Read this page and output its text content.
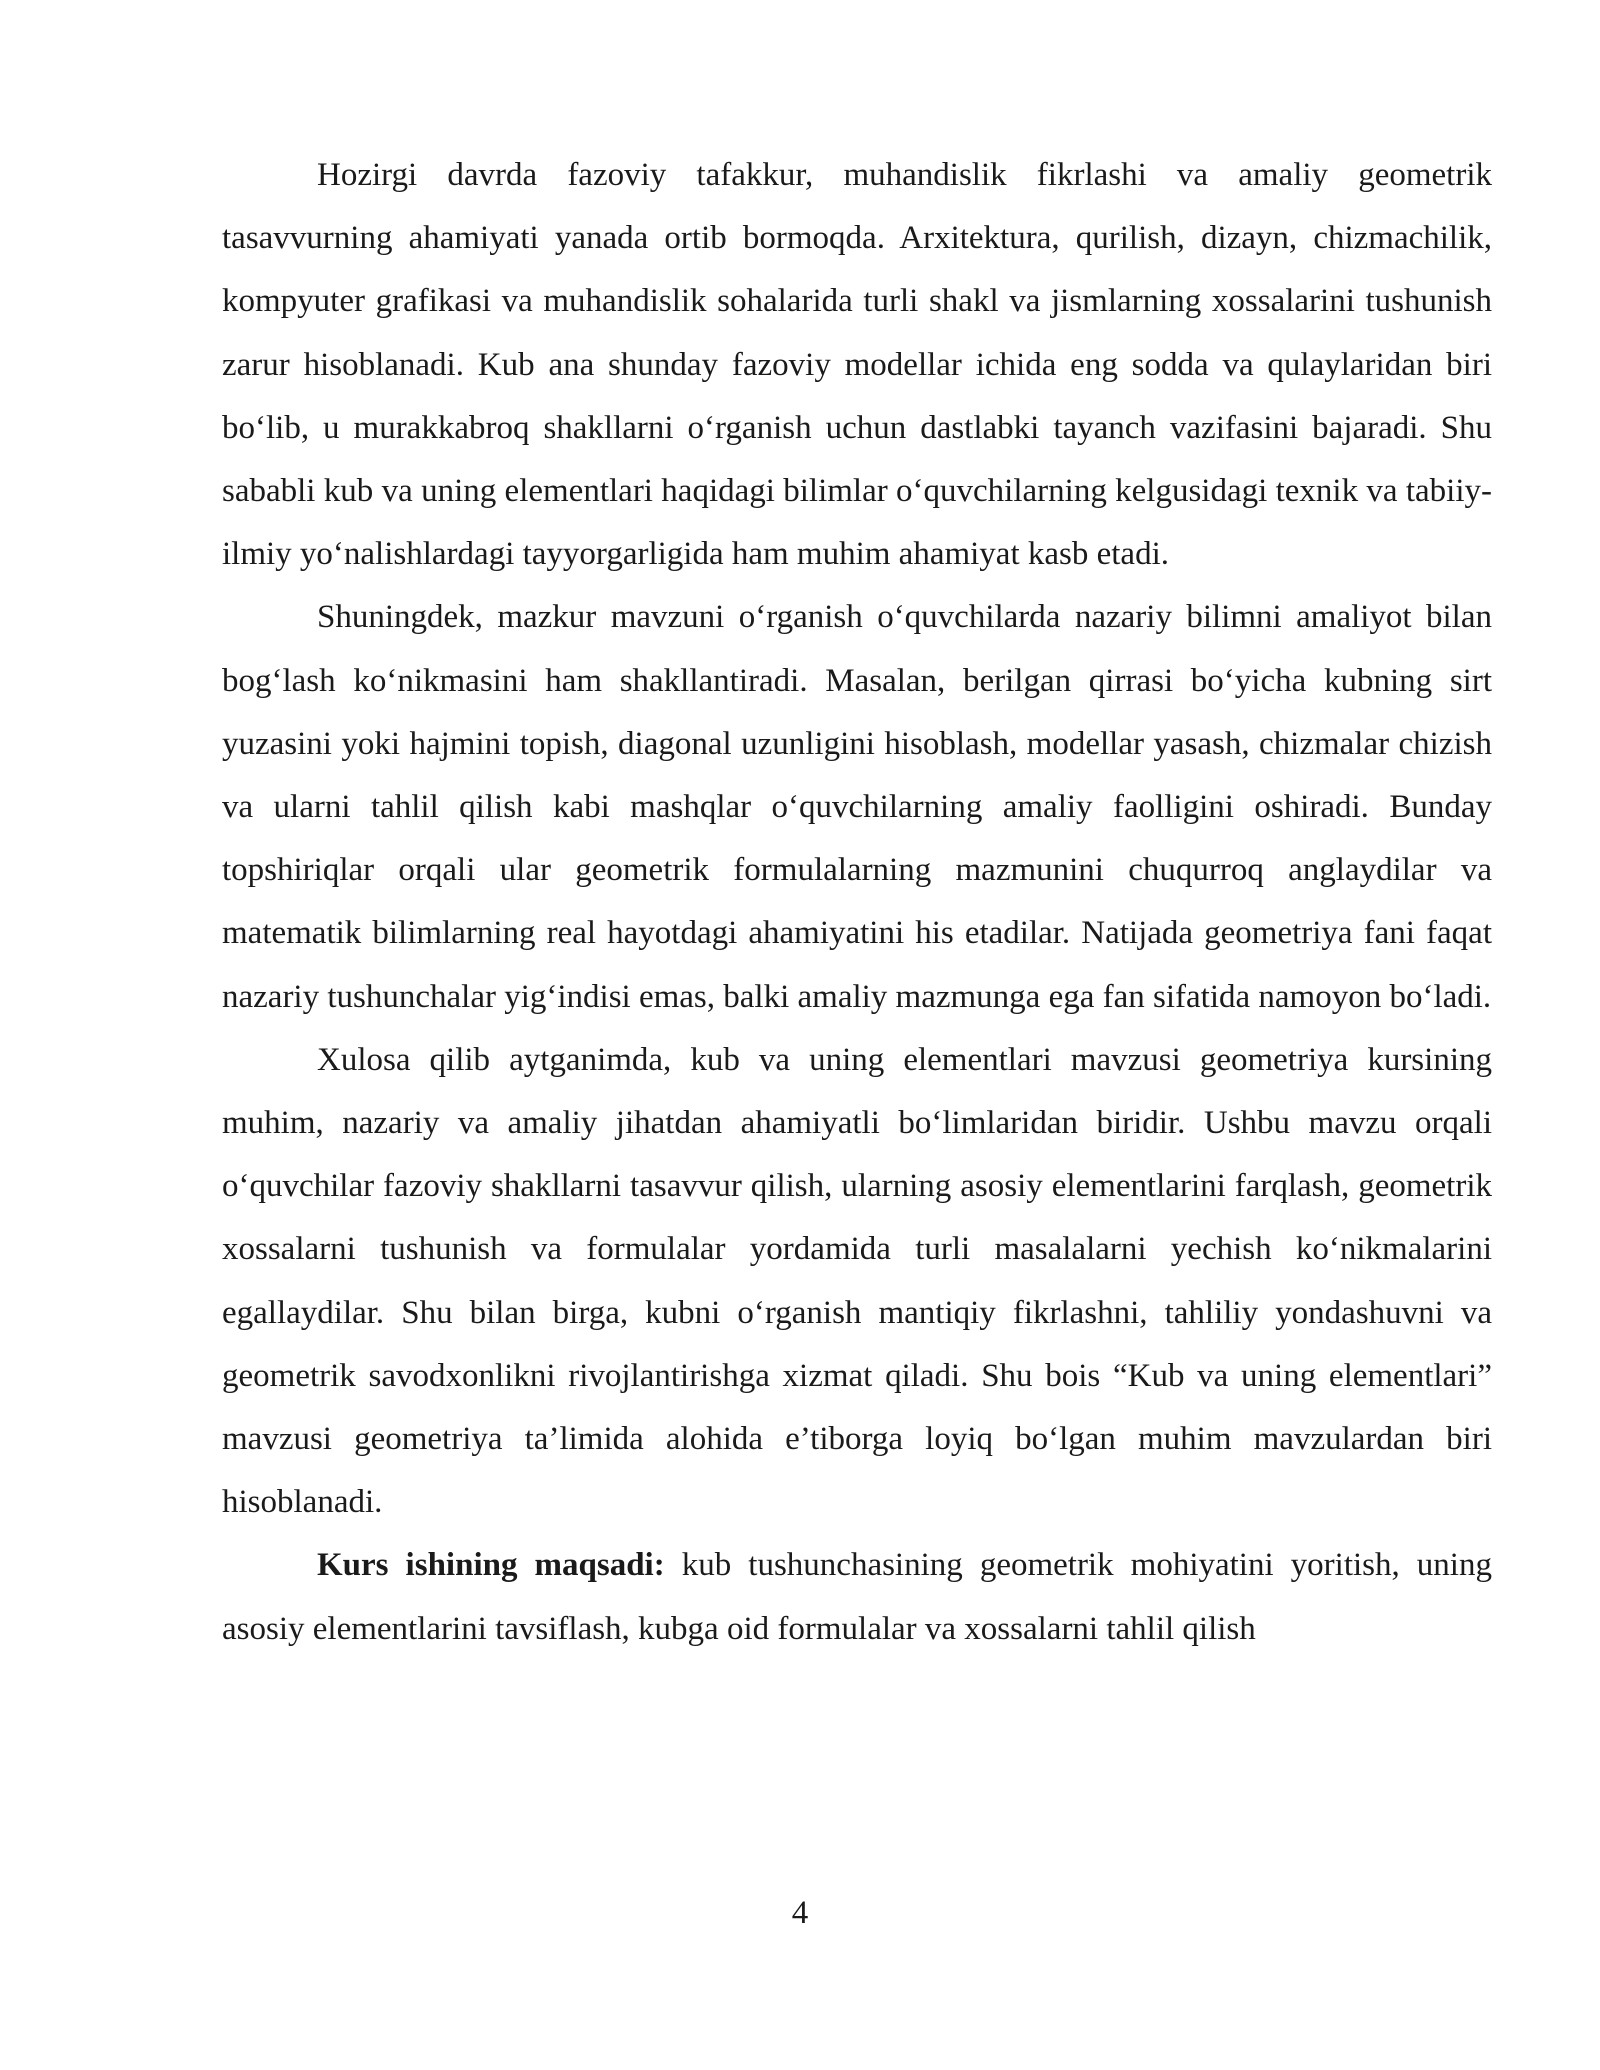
Hozirgi davrda fazoviy tafakkur, muhandislik fikrlashi va amaliy geometrik tasavvurning ahamiyati yanada ortib bormoqda. Arxitektura, qurilish, dizayn, chizmachilik, kompyuter grafikasi va muhandislik sohalarida turli shakl va jismlarning xossalarini tushunish zarur hisoblanadi. Kub ana shunday fazoviy modellar ichida eng sodda va qulaylaridan biri bo‘lib, u murakkabroq shakllarni o‘rganish uchun dastlabki tayanch vazifasini bajaradi. Shu sababli kub va uning elementlari haqidagi bilimlar o‘quvchilarning kelgusidagi texnik va tabiiy-ilmiy yo‘nalishlardagi tayyorgarligida ham muhim ahamiyat kasb etadi.

Shuningdek, mazkur mavzuni o‘rganish o‘quvchilarda nazariy bilimni amaliyot bilan bog‘lash ko‘nikmasini ham shakllantiradi. Masalan, berilgan qirrasi bo‘yicha kubning sirt yuzasini yoki hajmini topish, diagonal uzunligini hisoblash, modellar yasash, chizmalar chizish va ularni tahlil qilish kabi mashqlar o‘quvchilarning amaliy faolligini oshiradi. Bunday topshiriqlar orqali ular geometrik formulalarning mazmunini chuqurroq anglaydilar va matematik bilimlarning real hayotdagi ahamiyatini his etadilar. Natijada geometriya fani faqat nazariy tushunchalar yig‘indisi emas, balki amaliy mazmunga ega fan sifatida namoyon bo‘ladi.

Xulosa qilib aytganimda, kub va uning elementlari mavzusi geometriya kursining muhim, nazariy va amaliy jihatdan ahamiyatli bo‘limlaridan biridir. Ushbu mavzu orqali o‘quvchilar fazoviy shakllarni tasavvur qilish, ularning asosiy elementlarini farqlash, geometrik xossalarni tushunish va formulalar yordamida turli masalalarni yechish ko‘nikmalarini egallaydilar. Shu bilan birga, kubni o‘rganish mantiqiy fikrlashni, tahliliy yondashuvni va geometrik savodxonlikni rivojlantirishga xizmat qiladi. Shu bois “Kub va uning elementlari” mavzusi geometriya ta’limida alohida e’tiborga loyiq bo‘lgan muhim mavzulardan biri hisoblanadi.

Kurs ishining maqsadi: kub tushunchasining geometrik mohiyatini yoritish, uning asosiy elementlarini tavsiflash, kubga oid formulalar va xossalarni tahlil qilish

4
